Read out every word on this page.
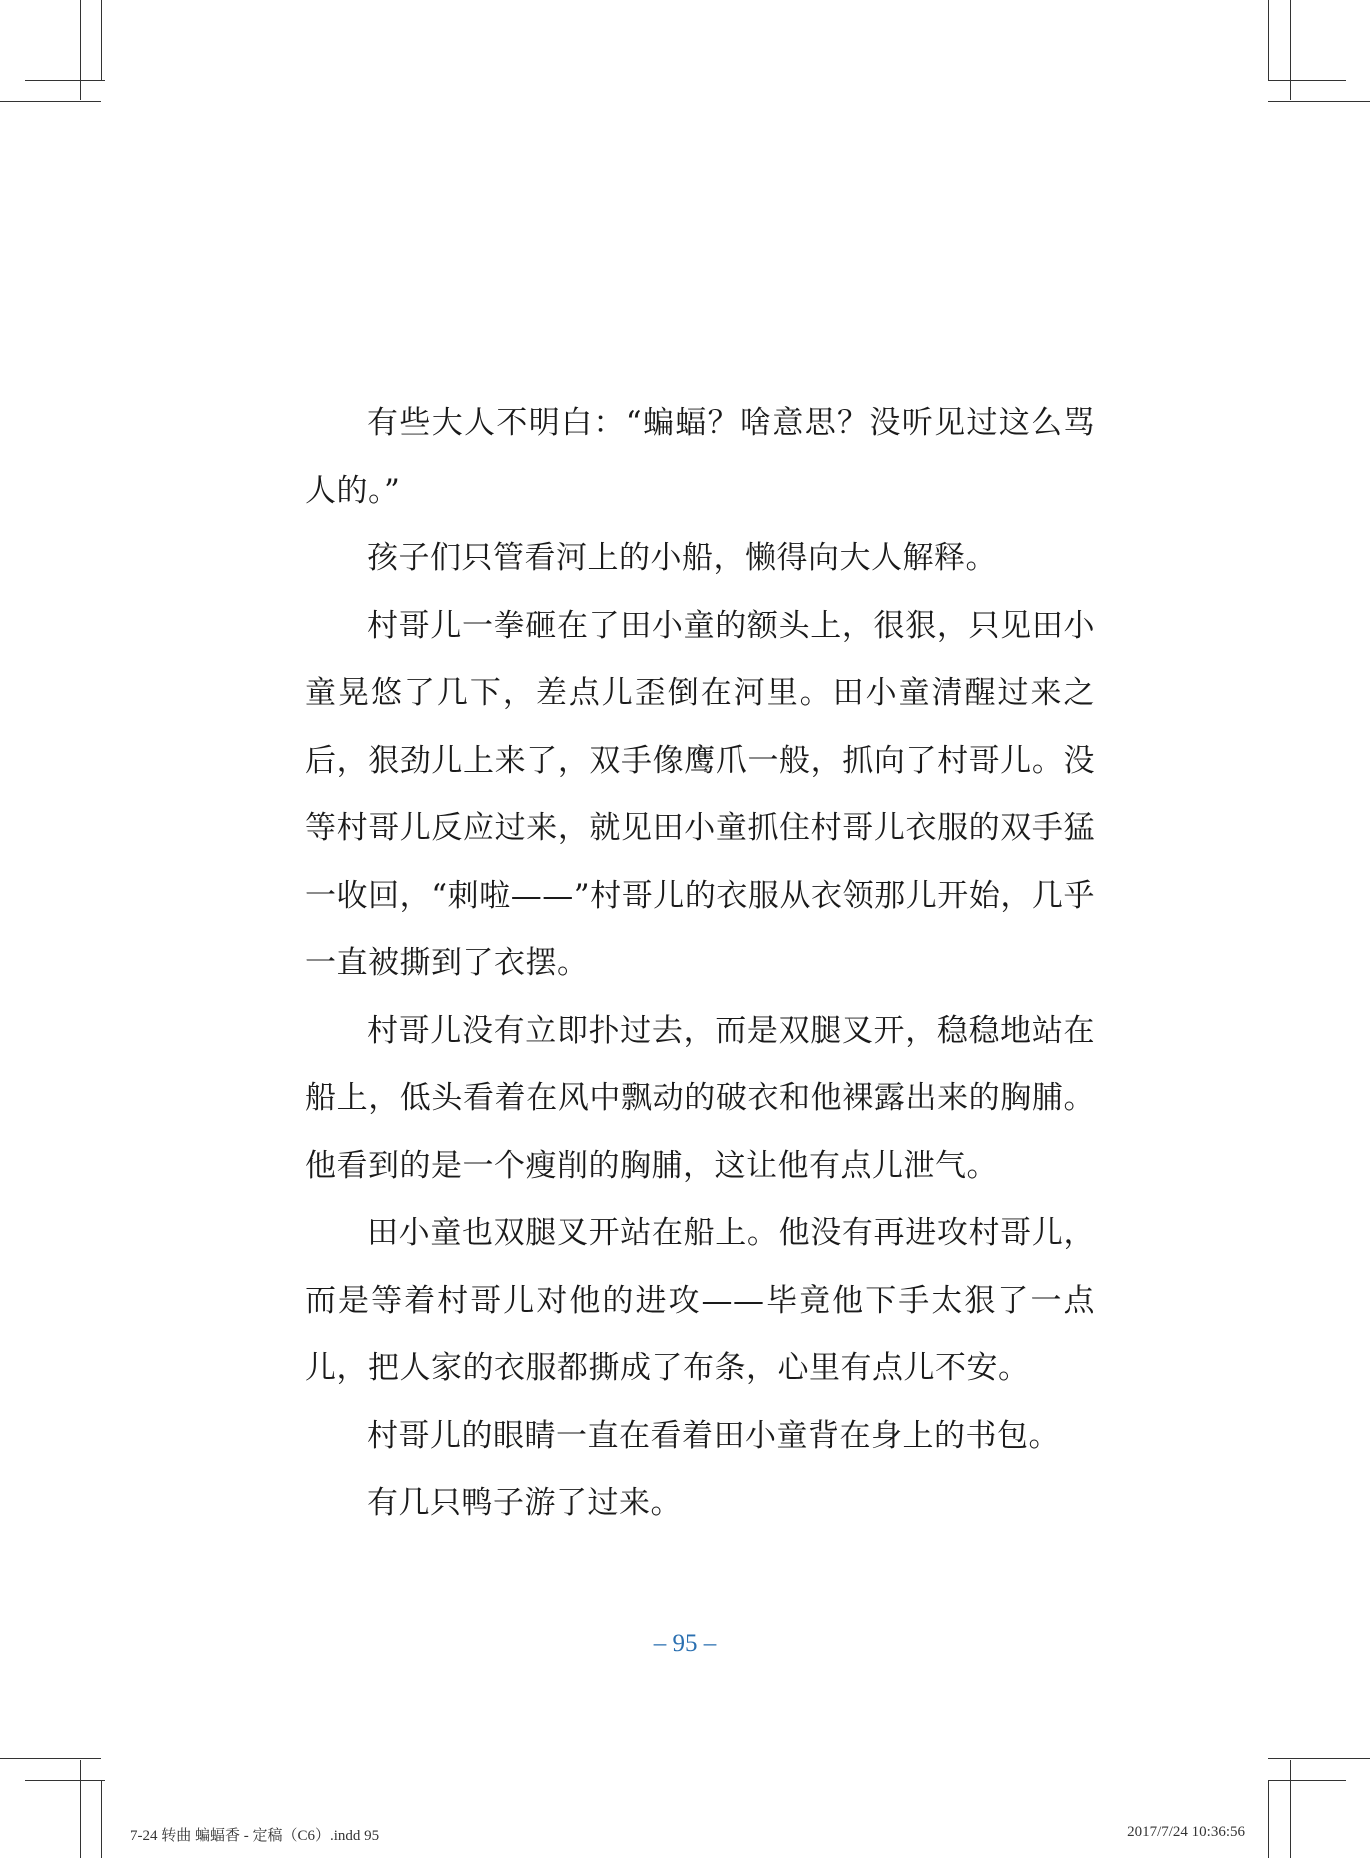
有些大人不明白：“蝙蝠？啥意思？没听见过这么骂人的。”

孩子们只管看河上的小船，懒得向大人解释。

村哥儿一拳砸在了田小童的额头上，很狠，只见田小童晃悠了几下，差点儿歪倒在河里。田小童清醒过来之后，狠劲儿上来了，双手像鹰爪一般，抓向了村哥儿。没等村哥儿反应过来，就见田小童抓住村哥儿衣服的双手猛一收回，“刺啦——”村哥儿的衣服从衣领那儿开始，几乎一直被撕到了衣摆。

村哥儿没有立即扑过去，而是双腿叉开，稳稳地站在船上，低头看着在风中飘动的破衣和他裸露出来的胸脯。他看到的是一个瘦削的胸脯，这让他有点儿泄气。

田小童也双腿叉开站在船上。他没有再进攻村哥儿，而是等着村哥儿对他的进攻——毕竟他下手太狠了一点儿，把人家的衣服都撕成了布条，心里有点儿不安。

村哥儿的眼睛一直在看着田小童背在身上的书包。

有几只鸭子游了过来。

– 95 –
7-24 转曲 蝙蝠香 - 定稿（C6）.indd 95	2017/7/24 10:36:56
